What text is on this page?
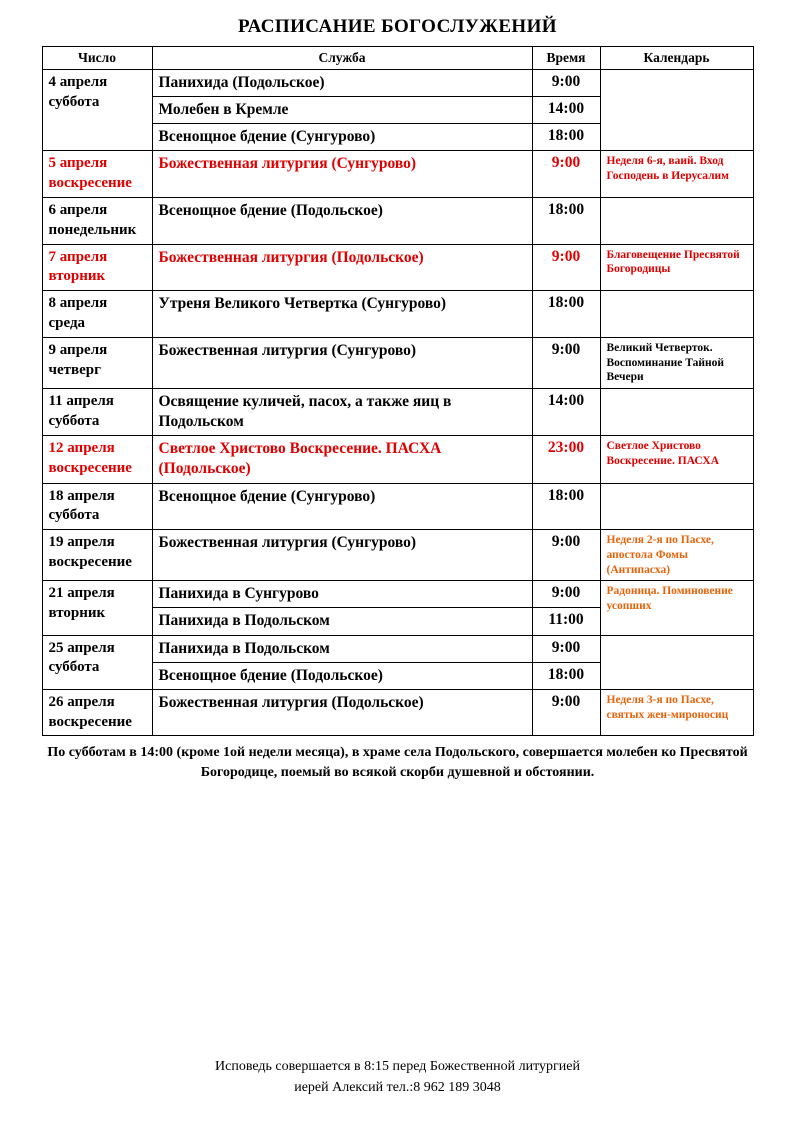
РАСПИСАНИЕ БОГОСЛУЖЕНИЙ
Число	Служба	Время	Календарь

4 апреля
суббота	Панихида (Подольское)	9:00	
	Молебен в Кремле	14:00	
	Всенощное бдение (Сунгурово)	18:00	

5 апреля
воскресение	Божественная литургия (Сунгурово)	9:00	Неделя 6-я, ваий. Вход Господень в Иерусалим

6 апреля
понедельник	Всенощное бдение (Подольское)	18:00	

7 апреля
вторник	Божественная литургия (Подольское)	9:00	Благовещение Пресвятой Богородицы

8 апреля
среда	Утреня Великого Четвертка (Сунгурово)	18:00	

9 апреля
четверг	Божественная литургия (Сунгурово)	9:00	Великий Четверток. Воспоминание Тайной Вечери

11 апреля
суббота	Освящение куличей, пасох, а также яиц в Подольском	14:00	

12 апреля
воскресение	Светлое Христово Воскресение. ПАСХА (Подольское)	23:00	Светлое Христово Воскресение. ПАСХА

18 апреля
суббота	Всенощное бдение (Сунгурово)	18:00	

19 апреля
воскресение	Божественная литургия (Сунгурово)	9:00	Неделя 2-я по Пасхе, апостола Фомы (Антипасха)

21 апреля
вторник	Панихида в Сунгурово	9:00	Радоница. Поминовение усопших
	Панихида в Подольском	11:00	

25 апреля
суббота	Панихида в Подольском	9:00	
	Всенощное бдение (Подольское)	18:00	

26 апреля
воскресение	Божественная литургия (Подольское)	9:00	Неделя 3-я по Пасхе, святых жен-мироносиц
По субботам в 14:00 (кроме 1ой недели месяца), в храме села Подольского, совершается молебен ко Пресвятой Богородице, поемый во всякой скорби душевной и обстоянии.
Исповедь совершается в 8:15 перед Божественной литургией
иерей Алексий тел.:8 962 189 3048
